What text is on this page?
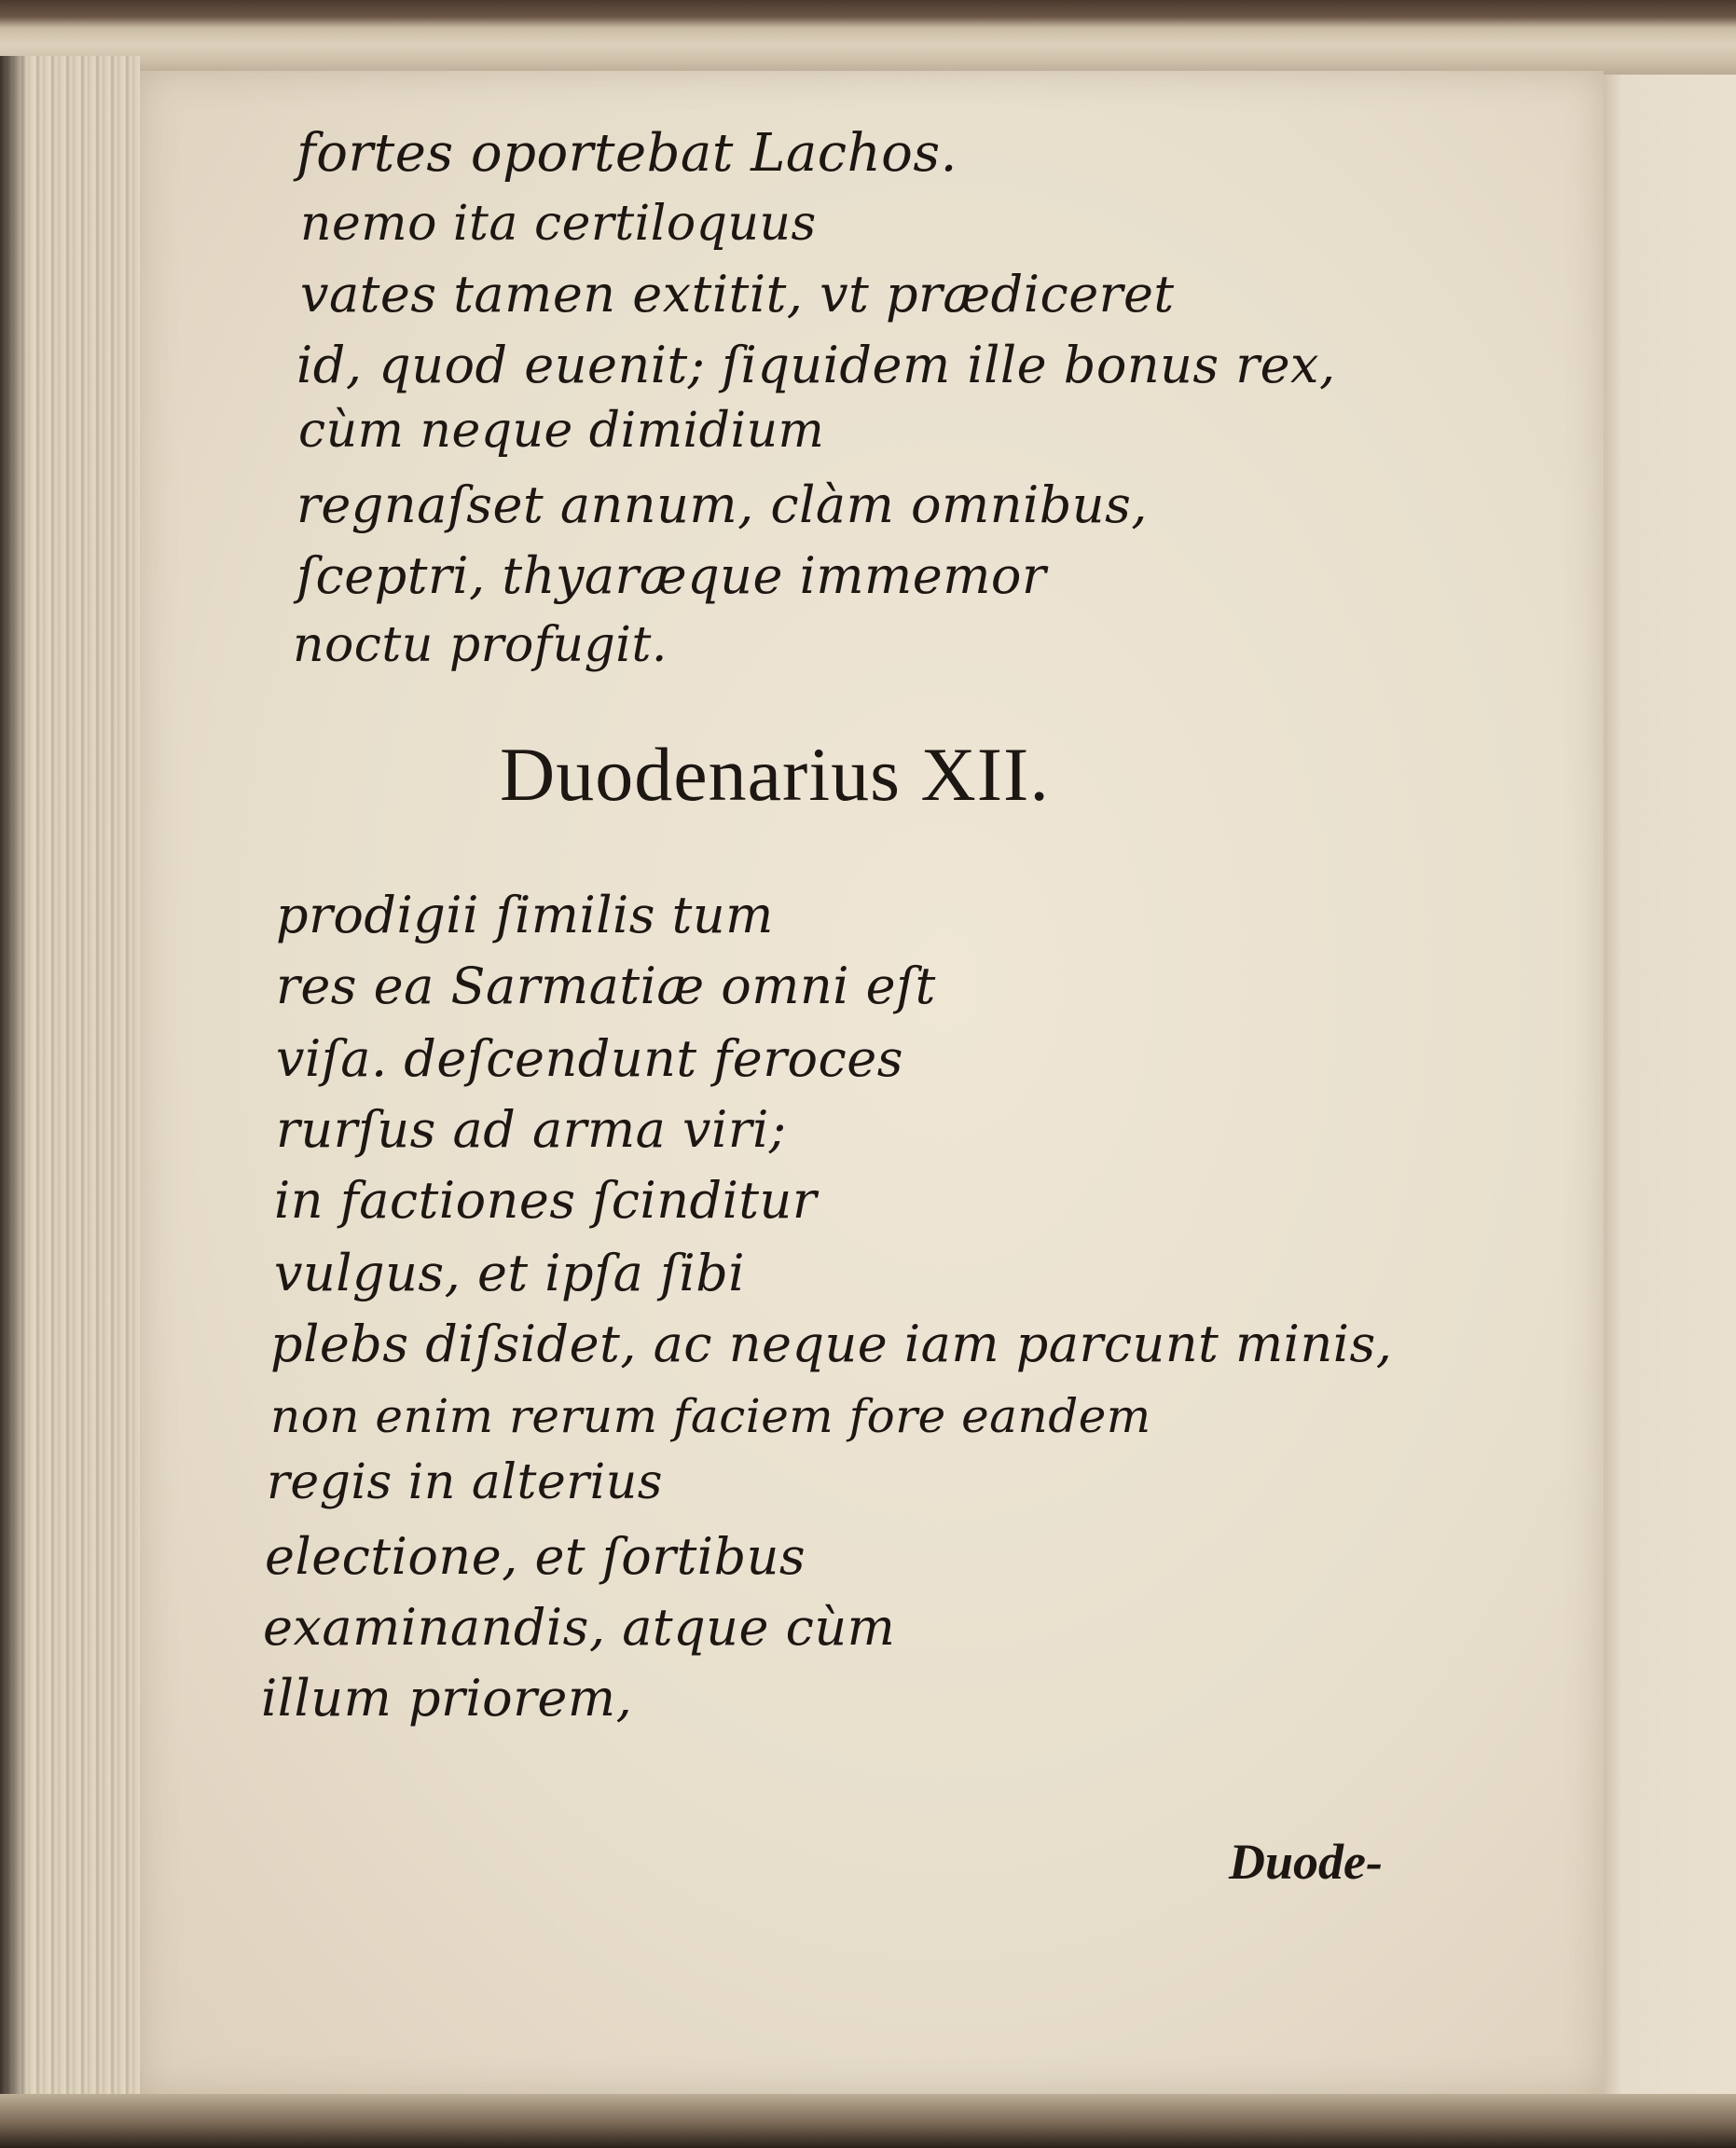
fortes oportebat Lachos.
nemo ita certiloquus
vates tamen extitit, vt prædiceret
id, quod euenit; ſiquidem ille bonus rex,
cùm neque dimidium
regnaſset annum, clàm omnibus,
ſceptri, thyaræque immemor
noctu profugit.
Duodenarius XII.
prodigii ſimilis tum
res ea Sarmatiæ omni eſt
viſa. deſcendunt feroces
rurſus ad arma viri;
in factiones ſcinditur
vulgus, et ipſa ſibi
plebs diſsidet, ac neque iam parcunt minis,
non enim rerum faciem fore eandem
regis in alterius
electione, et ſortibus
examinandis, atque cùm
illum priorem,
Duode-
